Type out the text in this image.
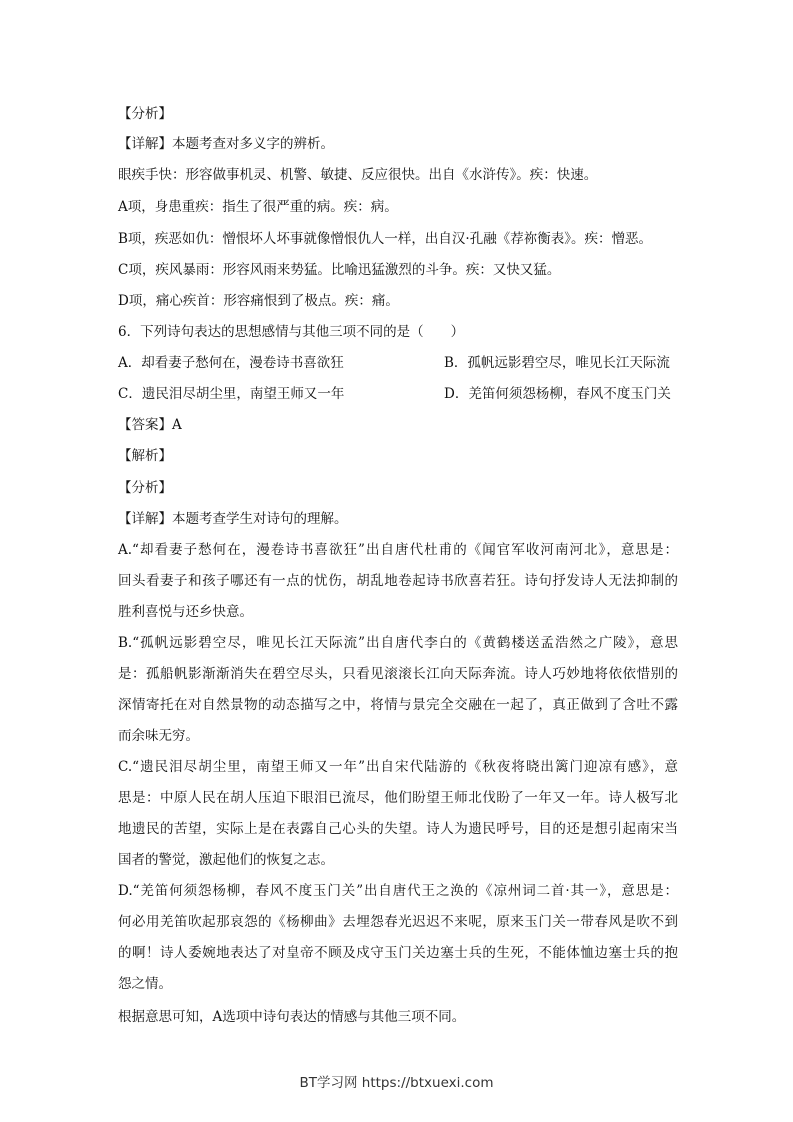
【分析】
【详解】本题考查对多义字的辨析。
眼疾手快：形容做事机灵、机警、敏捷、反应很快。出自《水浒传》。疾：快速。
A项，身患重疾：指生了很严重的病。疾：病。
B项，疾恶如仇：憎恨坏人坏事就像憎恨仇人一样，出自汉·孔融《荐祢衡表》。疾：憎恶。
C项，疾风暴雨：形容风雨来势猛。比喻迅猛激烈的斗争。疾：又快又猛。
D项，痛心疾首：形容痛恨到了极点。疾：痛。
6．下列诗句表达的思想感情与其他三项不同的是（　　）
A．却看妻子愁何在，漫卷诗书喜欲狂	B．孤帆远影碧空尽，唯见长江天际流
C．遗民泪尽胡尘里，南望王师又一年	D．羌笛何须怨杨柳，春风不度玉门关
【答案】A
【解析】
【分析】
【详解】本题考查学生对诗句的理解。
A.“却看妻子愁何在，漫卷诗书喜欲狂”出自唐代杜甫的《闻官军收河南河北》，意思是：
回头看妻子和孩子哪还有一点的忧伤，胡乱地卷起诗书欣喜若狂。诗句抒发诗人无法抑制的
胜利喜悦与还乡快意。
B.“孤帆远影碧空尽，唯见长江天际流”出自唐代李白的《黄鹤楼送孟浩然之广陵》，意思
是：孤船帆影渐渐消失在碧空尽头，只看见滚滚长江向天际奔流。诗人巧妙地将依依惜别的
深情寄托在对自然景物的动态描写之中，将情与景完全交融在一起了，真正做到了含吐不露
而余味无穷。
C.“遗民泪尽胡尘里，南望王师又一年”出自宋代陆游的《秋夜将晓出篱门迎凉有感》，意
思是：中原人民在胡人压迫下眼泪已流尽，他们盼望王师北伐盼了一年又一年。诗人极写北
地遗民的苦望，实际上是在表露自己心头的失望。诗人为遗民呼号，目的还是想引起南宋当
国者的警觉，激起他们的恢复之志。
D.“羌笛何须怨杨柳，春风不度玉门关”出自唐代王之涣的《凉州词二首·其一》，意思是：
何必用羌笛吹起那哀怨的《杨柳曲》去埋怨春光迟迟不来呢，原来玉门关一带春风是吹不到
的啊！诗人委婉地表达了对皇帝不顾及戍守玉门关边塞士兵的生死，不能体恤边塞士兵的抱
怨之情。
根据意思可知，A选项中诗句表达的情感与其他三项不同。
BT学习网 https://btxuexi.com
